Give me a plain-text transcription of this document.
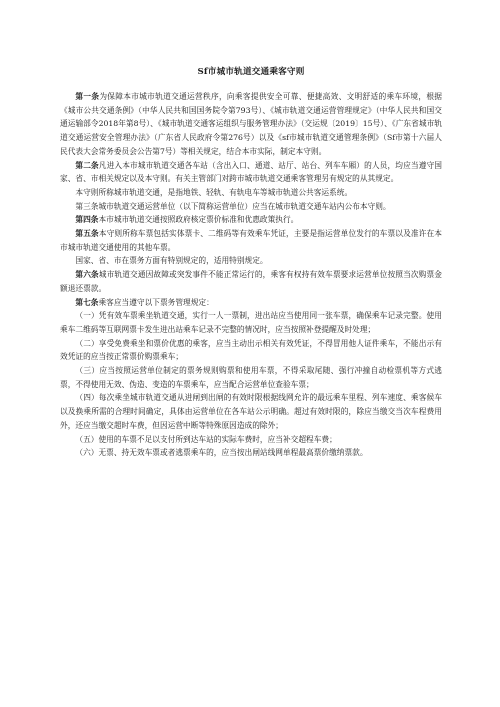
Sf市城市轨道交通乘客守则

第一条为保障本市城市轨道交通运营秩序，向乘客提供安全可靠、便捷高效、文明舒适的乘车环境，根据《城市公共交通条例》（中华人民共和国国务院令第793号）、《城市轨道交通运营管理规定》（中华人民共和国交通运输部令2018年第8号）、《城市轨道交通客运组织与服务管理办法》（交运规〔2019〕15号）、《广东省城市轨道交通运营安全管理办法》（广东省人民政府令第276号）以及《sf市城市轨道交通管理条例》（Sf市第十六届人民代表大会常务委员会公告第7号）等相关规定，结合本市实际，制定本守则。

第二条凡进入本市城市轨道交通各车站（含出入口、通道、站厅、站台、列车车厢）的人员，均应当遵守国家、省、市相关规定以及本守则。有关主管部门对跨市城市轨道交通乘客管理另有规定的从其规定。

本守则所称城市轨道交通，是指地铁、轻轨、有轨电车等城市轨道公共客运系统。

第三条城市轨道交通运营单位（以下简称运营单位）应当在城市轨道交通车站内公布本守则。

第四条本市城市轨道交通按照政府核定票价标准和优惠政策执行。

第五条本守则所称车票包括实体票卡、二维码等有效乘车凭证，主要是指运营单位发行的车票以及准许在本市城市轨道交通使用的其他车票。

国家、省、市在票务方面有特别规定的，适用特别规定。

第六条城市轨道交通因故障或突发事件不能正常运行的，乘客有权持有效车票要求运营单位按照当次购票金额退还票款。

第七条乘客应当遵守以下票务管理规定：

（一）凭有效车票乘坐轨道交通，实行一人一票制，进出站应当使用同一张车票，确保乘车记录完整。使用乘车二维码等互联网票卡发生进出站乘车记录不完整的情况时，应当按照补登提醒及时处理；

（二）享受免费乘坐和票价优惠的乘客，应当主动出示相关有效凭证，不得冒用他人证件乘车，不能出示有效凭证的应当按正常票价购票乘车；

（三）应当按照运营单位制定的票务规则购票和使用车票，不得采取尾随、强行冲撞自动检票机等方式逃票，不得使用无效、伪造、变造的车票乘车，应当配合运营单位查验车票；

（四）每次乘坐城市轨道交通从进闸到出闸的有效时限根据线网允许的最远乘车里程、列车速度、乘客候车以及换乘所需的合理时间确定，具体由运营单位在各车站公示明确。超过有效时限的，除应当缴交当次车程费用外，还应当缴交超时车费，但因运营中断等特殊原因造成的除外；

（五）使用的车票不足以支付所到达车站的实际车费时，应当补交超程车费；

（六）无票、持无效车票或者逃票乘车的，应当按出闸站线网单程最高票价缴纳票款。
